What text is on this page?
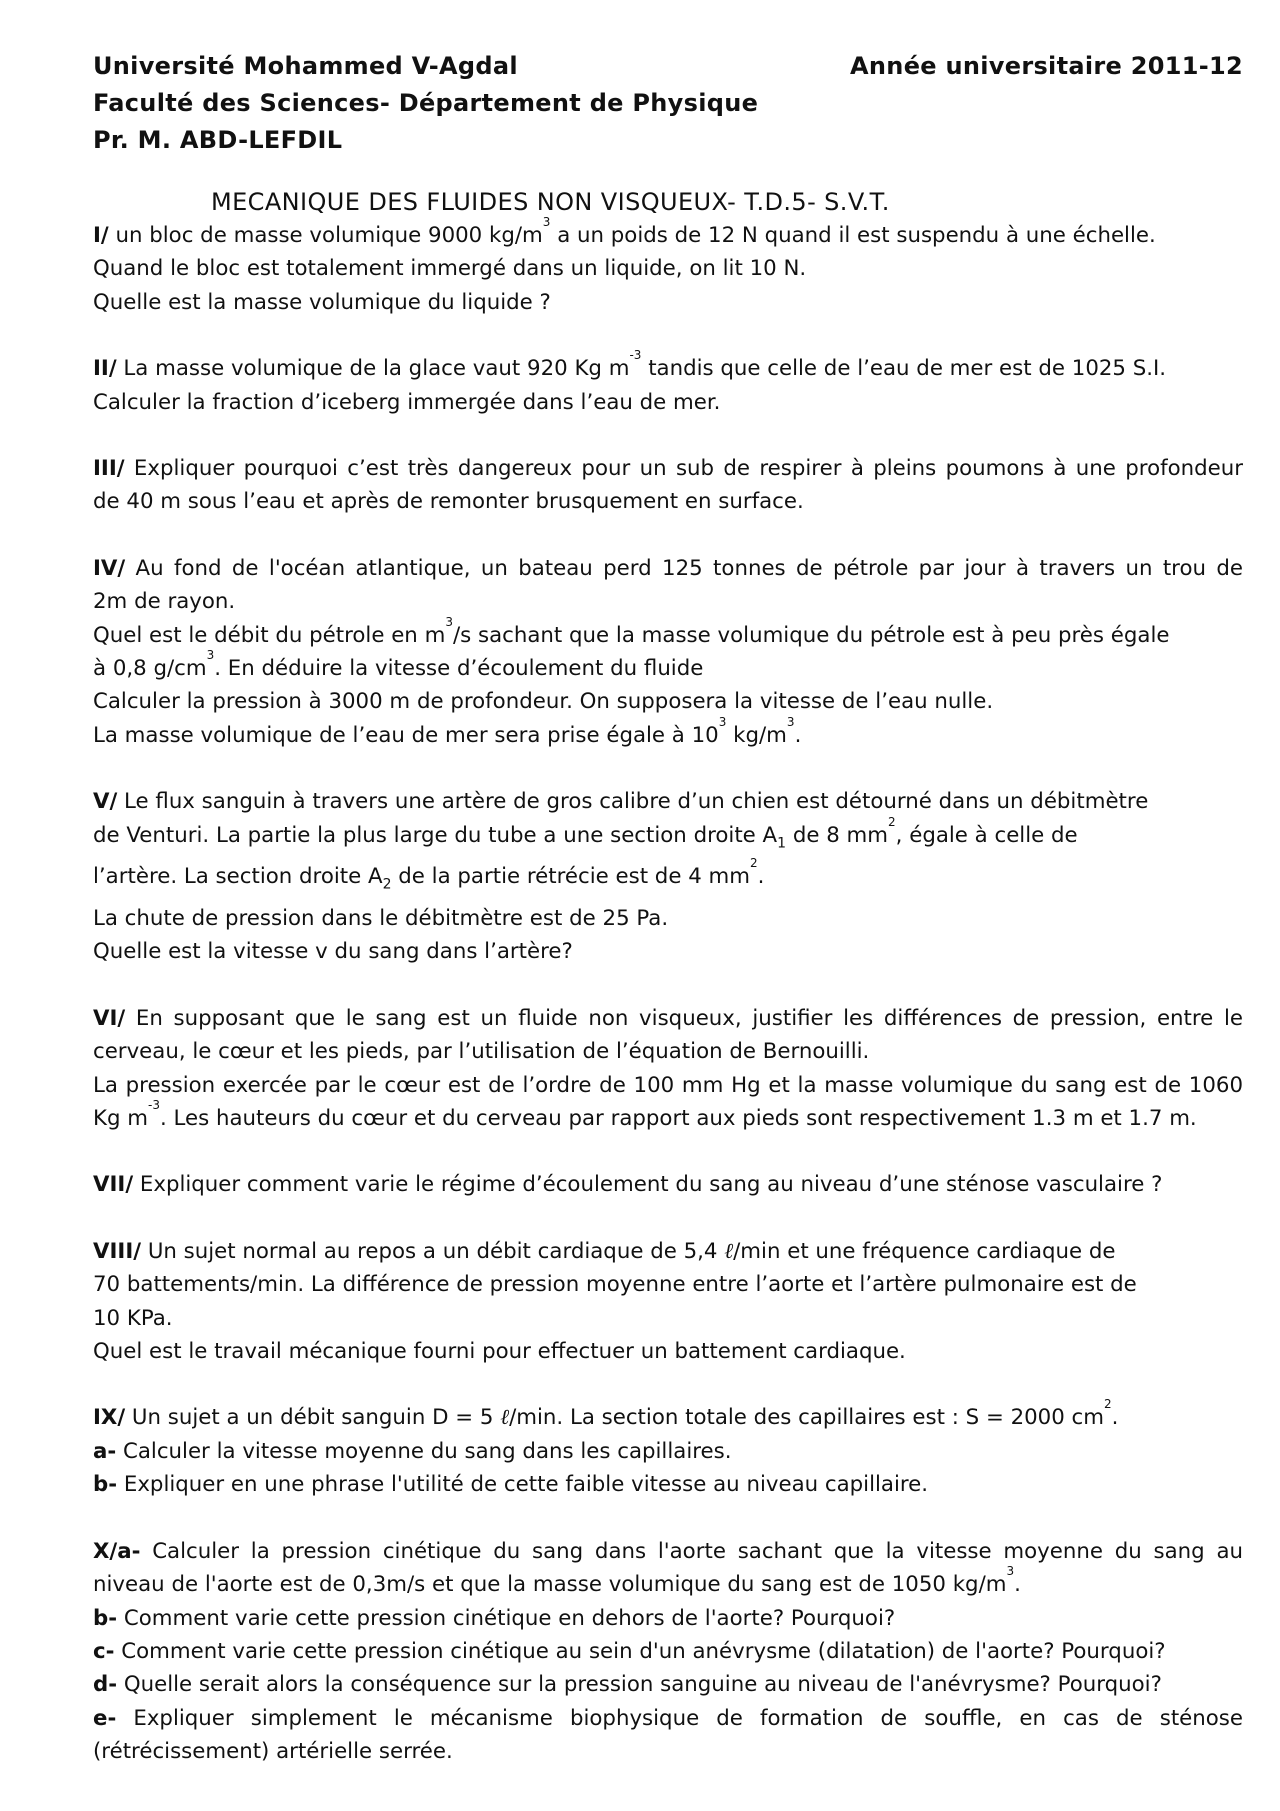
Université Mohammed V-Agdal	Année universitaire 2011-12
Faculté des Sciences- Département de Physique
Pr. M. ABD-LEFDIL
MECANIQUE DES FLUIDES NON VISQUEUX- T.D.5- S.V.T.

I/ un bloc de masse volumique 9000 $kg/m^3$ a un poids de 12 N quand il est suspendu à une échelle.

Quand le bloc est totalement immergé dans un liquide, on lit 10 N.

Quelle est la masse volumique du liquide ?

II/ La masse volumique de la glace vaut 920 Kg $m^{-3}$ tandis que celle de l’eau de mer est de 1025 S.I.

Calculer la fraction d’iceberg immergée dans l’eau de mer.

III/ Expliquer pourquoi c’est très dangereux pour un sub de respirer à pleins poumons à une profondeur

de 40 m sous l’eau et après de remonter brusquement en surface.

IV/ Au fond de l'océan atlantique, un bateau perd 125 tonnes de pétrole par jour à travers un trou de

2m de rayon.

Quel est le débit du pétrole en $m^3/s$ sachant que la masse volumique du pétrole est à peu près égale

à 0,8 $g/cm^3$. En déduire la vitesse d’écoulement du fluide

Calculer la pression à 3000 m de profondeur. On supposera la vitesse de l’eau nulle.

La masse volumique de l’eau de mer sera prise égale à $10^3$ $kg/m^3$.

V/ Le flux sanguin à travers une artère de gros calibre d’un chien est détourné dans un débitmètre

de Venturi. La partie la plus large du tube a une section droite $A_1$ de 8 $mm^2$, égale à celle de

l’artère. La section droite $A_2$ de la partie rétrécie est de 4 $mm^2$.

La chute de pression dans le débitmètre est de 25 Pa.

Quelle est la vitesse v du sang dans l’artère?

VI/ En supposant que le sang est un fluide non visqueux, justifier les différences de pression, entre le

cerveau, le cœur et les pieds, par l’utilisation de l’équation de Bernouilli.

La pression exercée par le cœur est de l’ordre de 100 mm Hg et la masse volumique du sang est de 1060

Kg $m^{-3}$. Les hauteurs du cœur et du cerveau par rapport aux pieds sont respectivement 1.3 m et 1.7 m.

VII/ Expliquer comment varie le régime d’écoulement du sang au niveau d’une sténose vasculaire ?

VIII/ Un sujet normal au repos a un débit cardiaque de 5,4 ℓ/min et une fréquence cardiaque de

70 battements/min. La différence de pression moyenne entre l’aorte et l’artère pulmonaire est de

10 KPa.

Quel est le travail mécanique fourni pour effectuer un battement cardiaque.

IX/ Un sujet a un débit sanguin D = 5 ℓ/min. La section totale des capillaires est : S = 2000 $cm^2$.

a- Calculer la vitesse moyenne du sang dans les capillaires.

b- Expliquer en une phrase l'utilité de cette faible vitesse au niveau capillaire.

X/a- Calculer la pression cinétique du sang dans l'aorte sachant que la vitesse moyenne du sang au

niveau de l'aorte est de 0,3m/s et que la masse volumique du sang est de 1050 $kg/m^3$.

b- Comment varie cette pression cinétique en dehors de l'aorte? Pourquoi?

c- Comment varie cette pression cinétique au sein d'un anévrysme (dilatation) de l'aorte? Pourquoi?

d- Quelle serait alors la conséquence sur la pression sanguine au niveau de l'anévrysme? Pourquoi?

e- Expliquer simplement le mécanisme biophysique de formation de souffle, en cas de sténose

(rétrécissement) artérielle serrée.
